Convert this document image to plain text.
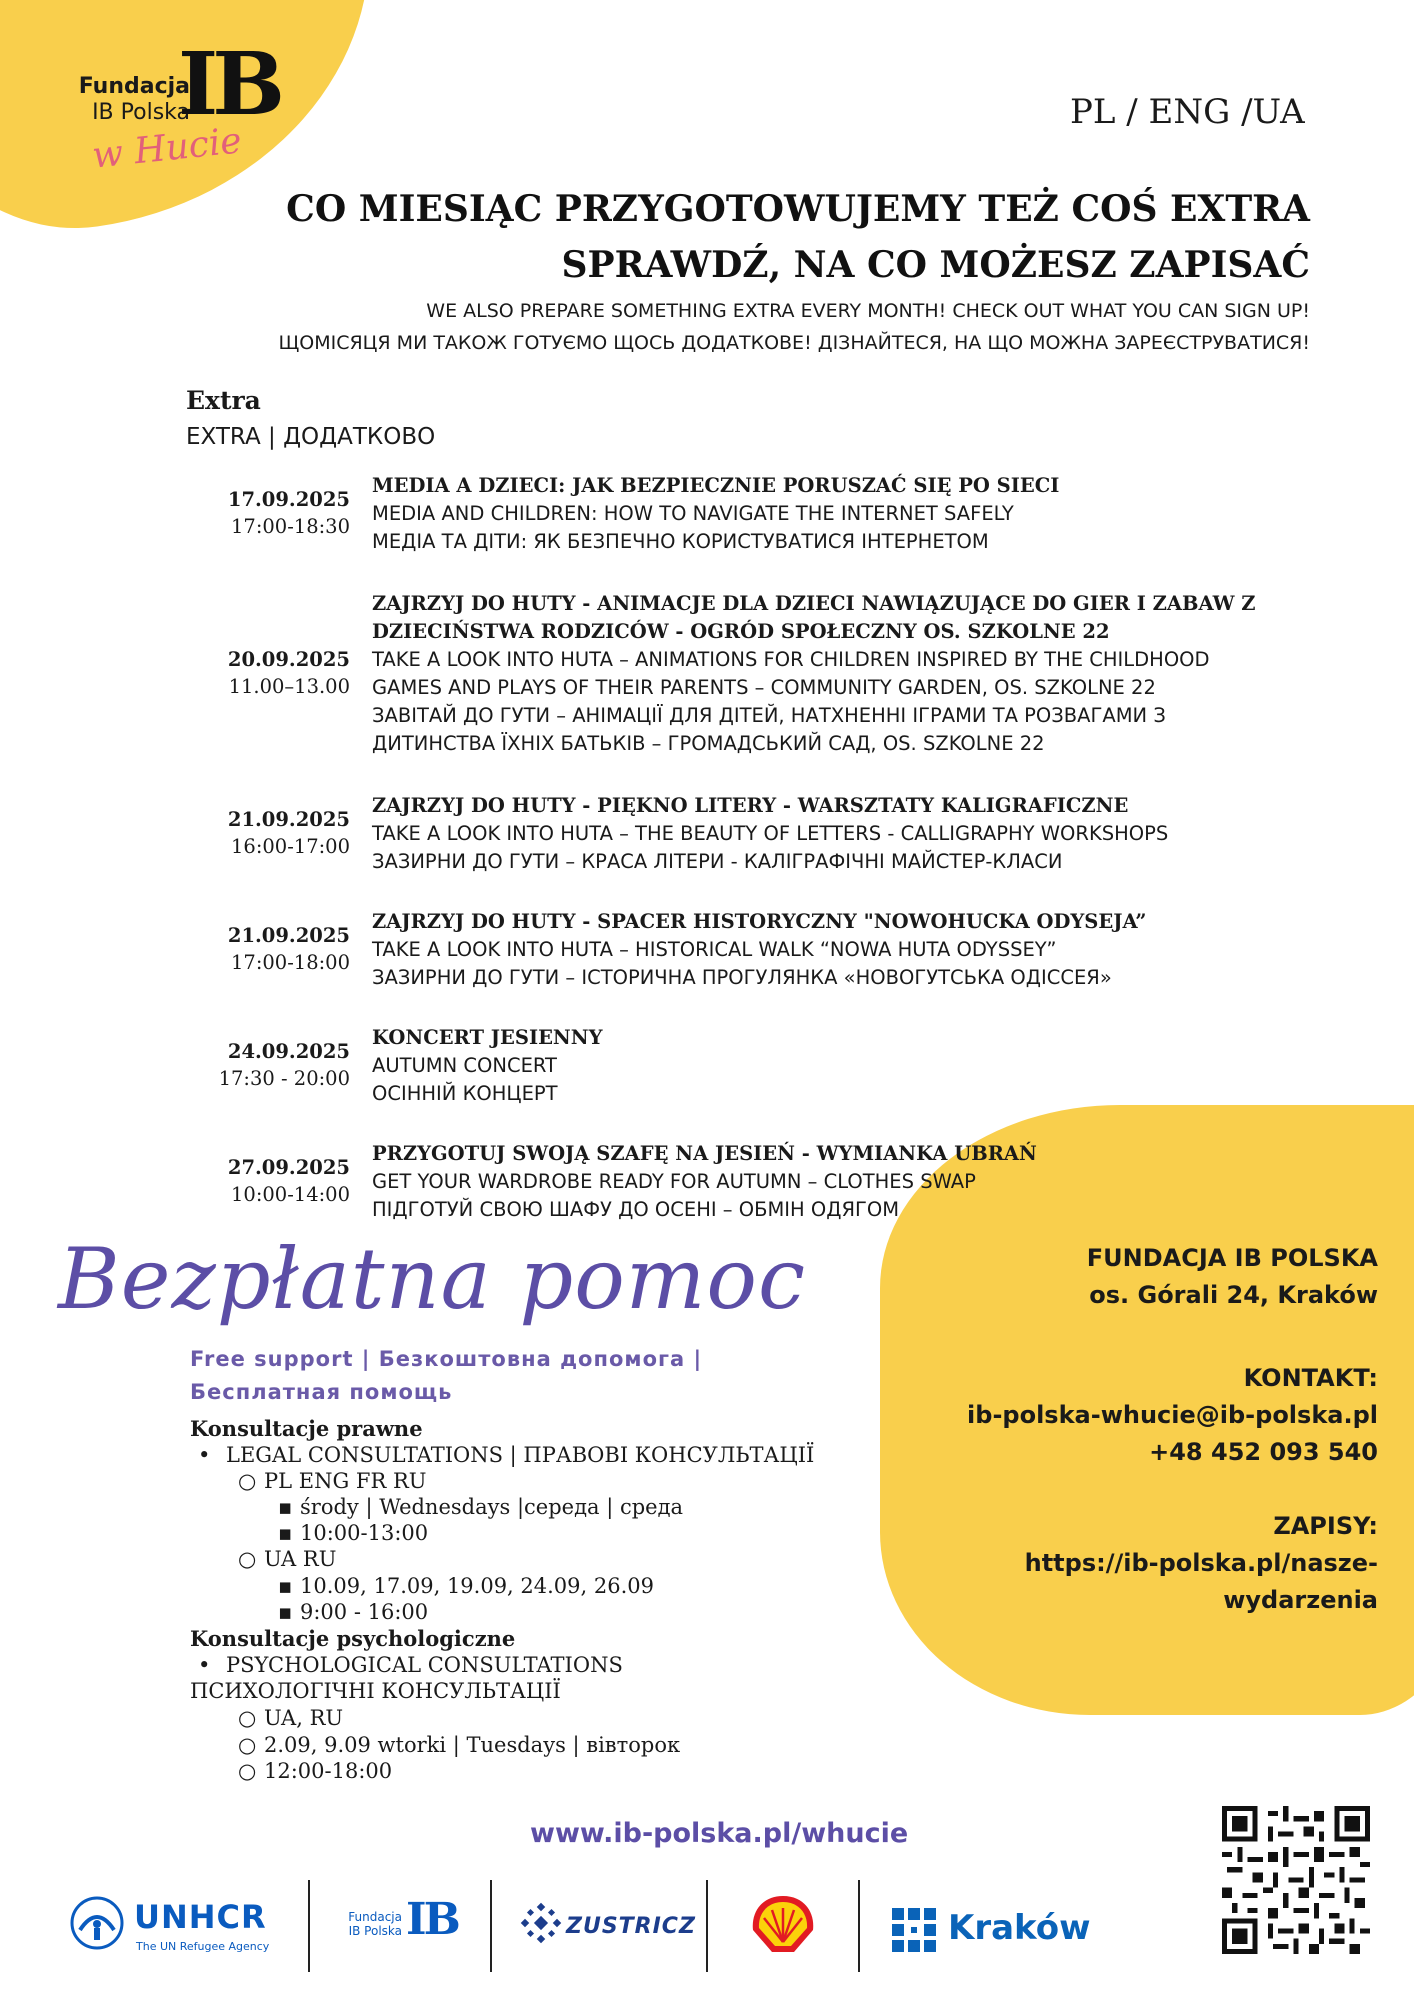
Fundacja
IB Polska
IB
w Hucie
PL / ENG /UA
CO MIESIĄC PRZYGOTOWUJEMY TEŻ COŚ EXTRA
SPRAWDŹ, NA CO MOŻESZ ZAPISAĆ
WE ALSO PREPARE SOMETHING EXTRA EVERY MONTH! CHECK OUT WHAT YOU CAN SIGN UP!
ЩОМІСЯЦЯ МИ ТАКОЖ ГОТУЄМО ЩОСЬ ДОДАТКОВЕ! ДІЗНАЙТЕСЯ, НА ЩО МОЖНА ЗАРЕЄСТРУВАТИСЯ!
Extra
EXTRA | ДОДАТКОВО
17.09.2025
17:00-18:30
MEDIA A DZIECI: JAK BEZPIECZNIE PORUSZAĆ SIĘ PO SIECI
MEDIA AND CHILDREN: HOW TO NAVIGATE THE INTERNET SAFELY
МЕДІА ТА ДІТИ: ЯК БЕЗПЕЧНО КОРИСТУВАТИСЯ ІНТЕРНЕТОМ
20.09.2025
11.00–13.00
ZAJRZYJ DO HUTY - ANIMACJE DLA DZIECI NAWIĄZUJĄCE DO GIER I ZABAW Z
DZIECIŃSTWA RODZICÓW - OGRÓD SPOŁECZNY OS. SZKOLNE 22
TAKE A LOOK INTO HUTA – ANIMATIONS FOR CHILDREN INSPIRED BY THE CHILDHOOD
GAMES AND PLAYS OF THEIR PARENTS – COMMUNITY GARDEN, OS. SZKOLNE 22
ЗАВІТАЙ ДО ГУТИ – АНІМАЦІЇ ДЛЯ ДІТЕЙ, НАТХНЕННІ ІГРАМИ ТА РОЗВАГАМИ З
ДИТИНСТВА ЇХНІХ БАТЬКІВ – ГРОМАДСЬКИЙ САД, OS. SZKOLNE 22
21.09.2025
16:00-17:00
ZAJRZYJ DO HUTY - PIĘKNO LITERY - WARSZTATY KALIGRAFICZNE
TAKE A LOOK INTO HUTA – THE BEAUTY OF LETTERS - CALLIGRAPHY WORKSHOPS
ЗАЗИРНИ ДО ГУТИ – КРАСА ЛІТЕРИ - КАЛІГРАФІЧНІ МАЙСТЕР-КЛАСИ
21.09.2025
17:00-18:00
ZAJRZYJ DO HUTY - SPACER HISTORYCZNY "NOWOHUCKA ODYSEJA”
TAKE A LOOK INTO HUTA – HISTORICAL WALK “NOWA HUTA ODYSSEY”
ЗАЗИРНИ ДО ГУТИ – ІСТОРИЧНА ПРОГУЛЯНКА «НОВОГУТСЬКА ОДІССЕЯ»
24.09.2025
17:30 - 20:00
KONCERT JESIENNY
AUTUMN CONCERT
ОСІННІЙ КОНЦЕРТ
27.09.2025
10:00-14:00
PRZYGOTUJ SWOJĄ SZAFĘ NA JESIEŃ - WYMIANKA UBRAŃ
GET YOUR WARDROBE READY FOR AUTUMN – CLOTHES SWAP
ПІДГОТУЙ СВОЮ ШАФУ ДО ОСЕНІ – ОБМІН ОДЯГОМ
Bezpłatna pomoc
Free support | Безкоштовна допомога | Бесплатная помощь
Konsultacje prawne
• LEGAL CONSULTATIONS | ПРАВОВІ КОНСУЛЬТАЦІЇ
○ PL ENG FR RU
▪ środy | Wednesdays |середа | среда
▪ 10:00-13:00
○ UA RU
▪ 10.09, 17.09, 19.09, 24.09, 26.09
▪ 9:00 - 16:00
Konsultacje psychologiczne
• PSYCHOLOGICAL CONSULTATIONS
ПСИХОЛОГІЧНІ КОНСУЛЬТАЦІЇ
○ UA, RU
○ 2.09, 9.09 wtorki | Tuesdays | вівторок
○ 12:00-18:00
FUNDACJA IB POLSKA
os. Górali 24, Kraków
KONTAKT:
ib-polska-whucie@ib-polska.pl
+48 452 093 540
ZAPISY:
https://ib-polska.pl/nasze-
wydarzenia
www.ib-polska.pl/whucie
UNHCR
The UN Refugee Agency
Fundacja
IB Polska IB	ZUSTRICZ	Kraków
